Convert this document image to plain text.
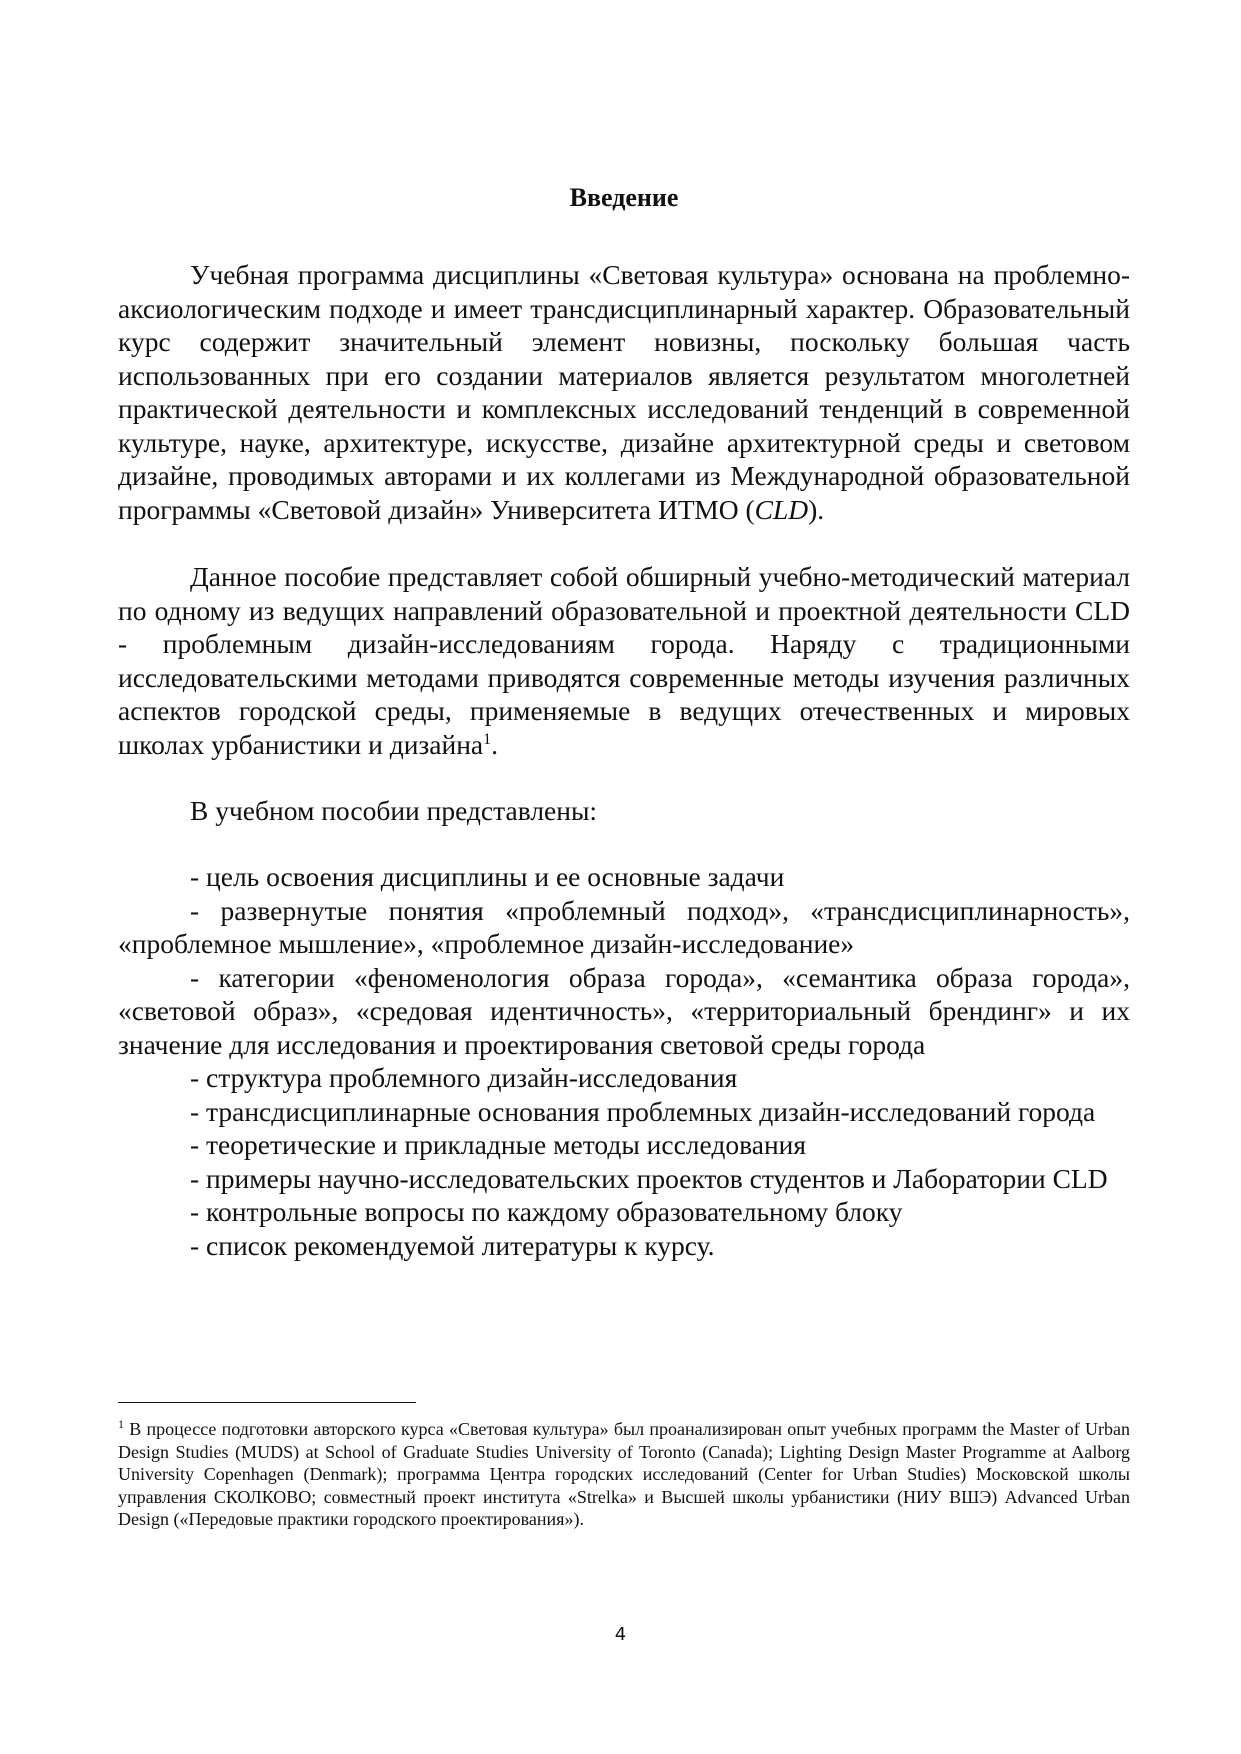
Введение

Учебная программа дисциплины «Световая культура» основана на проблемно-аксиологическим подходе и имеет трансдисциплинарный характер. Образовательный курс содержит значительный элемент новизны, поскольку большая часть использованных при его создании материалов является результатом многолетней практической деятельности и комплексных исследований тенденций в современной культуре, науке, архитектуре, искусстве, дизайне архитектурной среды и световом дизайне, проводимых авторами и их коллегами из Международной образовательной программы «Световой дизайн» Университета ИТМО (CLD).

Данное пособие представляет собой обширный учебно-методический материал по одному из ведущих направлений образовательной и проектной деятельности CLD - проблемным дизайн-исследованиям города. Наряду с традиционными исследовательскими методами приводятся современные методы изучения различных аспектов городской среды, применяемые в ведущих отечественных и мировых школах урбанистики и дизайна$^1$.

В учебном пособии представлены:

- цель освоения дисциплины и ее основные задачи
- развернутые понятия «проблемный подход», «трансдисциплинарность», «проблемное мышление», «проблемное дизайн-исследование»
- категории «феноменология образа города», «семантика образа города», «световой образ», «средовая идентичность», «территориальный брендинг» и их значение для исследования и проектирования световой среды города
- структура проблемного дизайн-исследования
- трансдисциплинарные основания проблемных дизайн-исследований города
- теоретические и прикладные методы исследования
- примеры научно-исследовательских проектов студентов и Лаборатории CLD
- контрольные вопросы по каждому образовательному блоку
- список рекомендуемой литературы к курсу.

$^1$ В процессе подготовки авторского курса «Световая культура» был проанализирован опыт учебных программ the Master of Urban Design Studies (MUDS) at School of Graduate Studies University of Toronto (Canada); Lighting Design Master Programme at Aalborg University Copenhagen (Denmark); программа Центра городских исследований (Center for Urban Studies) Московской школы управления СКОЛКОВО; совместный проект института «Strelka» и Высшей школы урбанистики (НИУ ВШЭ) Advanced Urban Design («Передовые практики городского проектирования»).

4
